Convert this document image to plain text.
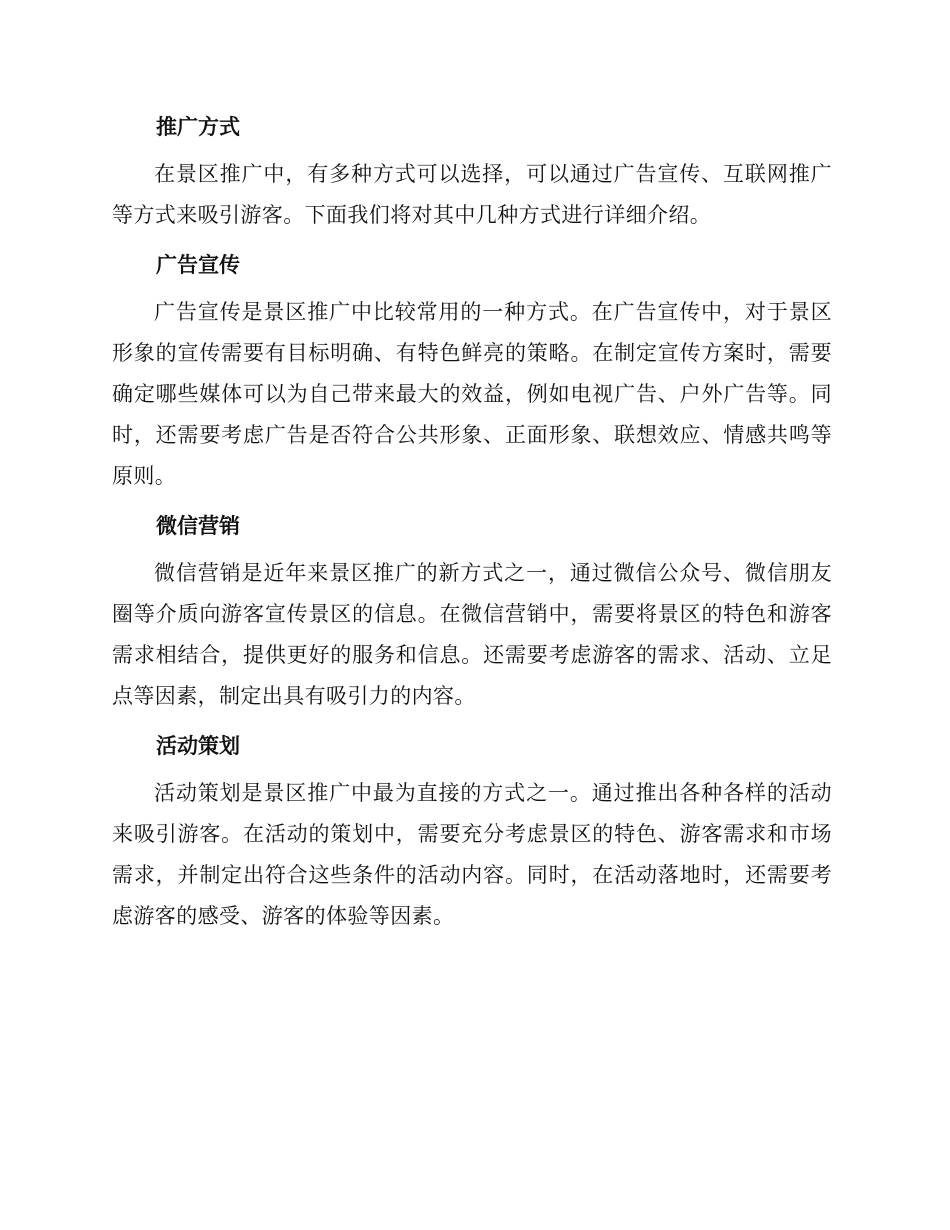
推广方式

在景区推广中，有多种方式可以选择，可以通过广告宣传、互联网推广等方式来吸引游客。下面我们将对其中几种方式进行详细介绍。

广告宣传

广告宣传是景区推广中比较常用的一种方式。在广告宣传中，对于景区形象的宣传需要有目标明确、有特色鲜亮的策略。在制定宣传方案时，需要确定哪些媒体可以为自己带来最大的效益，例如电视广告、户外广告等。同时，还需要考虑广告是否符合公共形象、正面形象、联想效应、情感共鸣等原则。

微信营销

微信营销是近年来景区推广的新方式之一，通过微信公众号、微信朋友圈等介质向游客宣传景区的信息。在微信营销中，需要将景区的特色和游客需求相结合，提供更好的服务和信息。还需要考虑游客的需求、活动、立足点等因素，制定出具有吸引力的内容。

活动策划

活动策划是景区推广中最为直接的方式之一。通过推出各种各样的活动来吸引游客。在活动的策划中，需要充分考虑景区的特色、游客需求和市场需求，并制定出符合这些条件的活动内容。同时，在活动落地时，还需要考虑游客的感受、游客的体验等因素。
